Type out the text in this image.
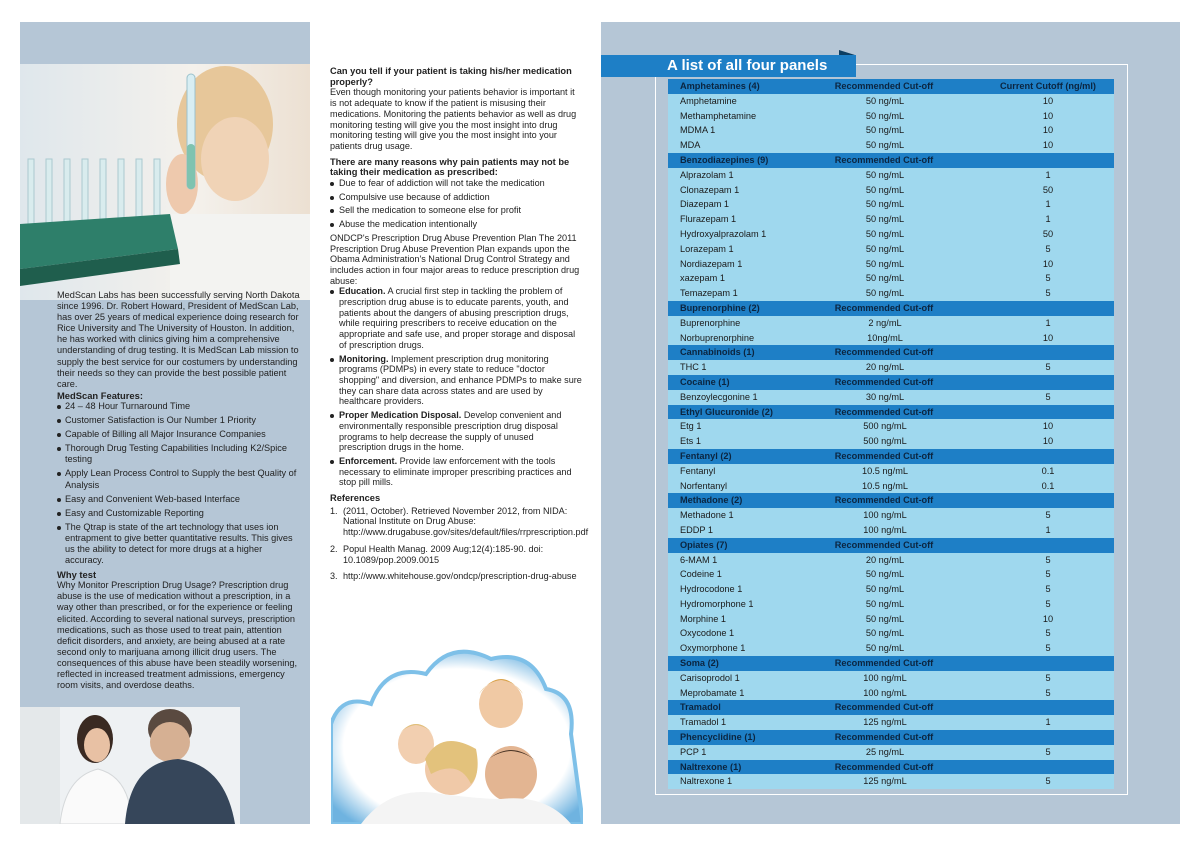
MedScan Labs has been successfully serving North Dakota since 1996. Dr. Robert Howard, President of MedScan Lab, has over 25 years of medical experience doing research for Rice University and The University of Houston. In addition, he has worked with clinics giving him a comprehensive understanding of drug testing. It is MedScan Lab mission to supply the best service for our costumers by understanding their needs so they can provide the best possible patient care.

MedScan Features:

24 – 48 Hour Turnaround Time
Customer Satisfaction is Our Number 1 Priority
Capable of Billing all Major Insurance Companies
Thorough Drug Testing Capabilities Including K2/Spice testing
Apply Lean Process Control to Supply the best Quality of Analysis
Easy and Convenient Web-based Interface
Easy and Customizable Reporting
The Qtrap is state of the art technology that uses ion entrapment to give better quantitative results. This gives us the ability to detect for more drugs at a higher accuracy.

Why test

Why Monitor Prescription Drug Usage? Prescription drug abuse is the use of medication without a prescription, in a way other than prescribed, or for the experience or feeling elicited. According to several national surveys, prescription medications, such as those used to treat pain, attention deficit disorders, and anxiety, are being abused at a rate second only to marijuana among illicit drug users. The consequences of this abuse have been steadily worsening, reflected in increased treatment admissions, emergency room visits, and overdose deaths.

Can you tell if your patient is taking his/her medication properly?

Even though monitoring your patients behavior is important it is not adequate to know if the patient is misusing their medications. Monitoring the patients behavior as well as drug monitoring testing will give you the most insight into drug monitoring testing will give you the most insight into your patients drug usage.

There are many reasons why pain patients may not be taking their medication as prescribed:

Due to fear of addiction will not take the medication
Compulsive use because of addiction
Sell the medication to someone else for profit
Abuse the medication intentionally

ONDCP's Prescription Drug Abuse Prevention Plan The 2011 Prescription Drug Abuse Prevention Plan expands upon the Obama Administration's National Drug Control Strategy and includes action in four major areas to reduce prescription drug abuse:

Education. A crucial first step in tackling the problem of prescription drug abuse is to educate parents, youth, and patients about the dangers of abusing prescription drugs, while requiring prescribers to receive education on the appropriate and safe use, and proper storage and disposal of prescription drugs.
Monitoring. Implement prescription drug monitoring programs (PDMPs) in every state to reduce "doctor shopping" and diversion, and enhance PDMPs to make sure they can share data across states and are used by healthcare providers.
Proper Medication Disposal. Develop convenient and environmentally responsible prescription drug disposal programs to help decrease the supply of unused prescription drugs in the home.
Enforcement. Provide law enforcement with the tools necessary to eliminate improper prescribing practices and stop pill mills.

References

1. (2011, October). Retrieved November 2012, from NIDA: National Institute on Drug Abuse: http://www.drugabuse.gov/sites/default/files/rrprescription.pdf
2. Popul Health Manag. 2009 Aug;12(4):185-90. doi: 10.1089/pop.2009.0015
3. http://www.whitehouse.gov/ondcp/prescription-drug-abuse
A list of all four panels
Amphetamines (4)	Recommended Cut-off	Current Cutoff (ng/ml)
Amphetamine	50 ng/mL	10
Methamphetamine	50 ng/mL	10
MDMA 1	50 ng/mL	10
MDA	50 ng/mL	10
Benzodiazepines (9)	Recommended Cut-off
Alprazolam 1	50 ng/mL	1
Clonazepam 1	50 ng/mL	50
Diazepam 1	50 ng/mL	1
Flurazepam 1	50 ng/mL	1
Hydroxyalprazolam 1	50 ng/mL	50
Lorazepam 1	50 ng/mL	5
Nordiazepam 1	50 ng/mL	10
xazepam 1	50 ng/mL	5
Temazepam 1	50 ng/mL	5
Buprenorphine (2)	Recommended Cut-off
Buprenorphine	2 ng/mL	1
Norbuprenorphine	10ng/mL	10
Cannabinoids (1)	Recommended Cut-off
THC 1	20 ng/mL	5
Cocaine (1)	Recommended Cut-off
Benzoylecgonine 1	30 ng/mL	5
Ethyl Glucuronide (2)	Recommended Cut-off
Etg 1	500 ng/mL	10
Ets 1	500 ng/mL	10
Fentanyl (2)	Recommended Cut-off
Fentanyl	10.5 ng/mL	0.1
Norfentanyl	10.5 ng/mL	0.1
Methadone (2)	Recommended Cut-off
Methadone 1	100 ng/mL	5
EDDP 1	100 ng/mL	1
Opiates (7)	Recommended Cut-off
6-MAM 1	20 ng/mL	5
Codeine 1	50 ng/mL	5
Hydrocodone 1	50 ng/mL	5
Hydromorphone 1	50 ng/mL	5
Morphine 1	50 ng/mL	10
Oxycodone 1	50 ng/mL	5
Oxymorphone 1	50 ng/mL	5
Soma (2)	Recommended Cut-off
Carisoprodol 1	100 ng/mL	5
Meprobamate 1	100 ng/mL	5
Tramadol	Recommended Cut-off
Tramadol 1	125 ng/mL	1
Phencyclidine (1)	Recommended Cut-off
PCP 1	25 ng/mL	5
Naltrexone (1)	Recommended Cut-off
Naltrexone 1	125 ng/mL	5
